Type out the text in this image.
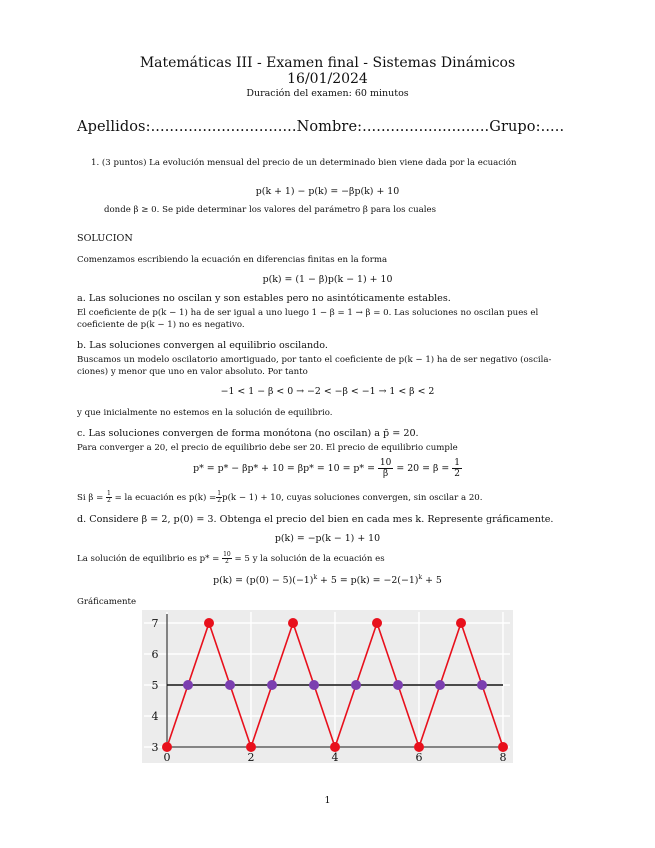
Matemáticas III - Examen final - Sistemas Dinámicos
16/01/2024
Duración del examen: 60 minutos
Apellidos:...............................Nombre:...........................Grupo:.....
1. (3 puntos) La evolución mensual del precio de un determinado bien viene dada por la ecuación
p(k + 1) − p(k) = −βp(k) + 10
donde β ≥ 0. Se pide determinar los valores del parámetro β para los cuales
SOLUCION
Comenzamos escribiendo la ecuación en diferencias finitas en la forma
p(k) = (1 − β)p(k − 1) + 10
a. Las soluciones no oscilan y son estables pero no asintóticamente estables.
El coeficiente de p(k − 1) ha de ser igual a uno luego 1 − β = 1 → β = 0. Las soluciones no oscilan pues el
coeficiente de p(k − 1) no es negativo.
b. Las soluciones convergen al equilibrio oscilando.
Buscamos un modelo oscilatorio amortiguado, por tanto el coeficiente de p(k − 1) ha de ser negativo (oscila-
ciones) y menor que uno en valor absoluto. Por tanto
−1 < 1 − β < 0 → −2 < −β < −1 → 1 < β < 2
y que inicialmente no estemos en la solución de equilibrio.
c. Las soluciones convergen de forma monótona (no oscilan) a p̄ = 20.
Para converger a 20, el precio de equilibrio debe ser 20. El precio de equilibrio cumple
$p* = p* - \beta p* + 10 = \beta p* = 10 = p* = \frac{10}{\beta} = 20 = \beta = \frac{1}{2}$
Si $\beta = \frac{1}{2}$ = la ecuación es $p(k) = \frac{1}{2} p(k - 1) + 10$, cuyas soluciones convergen, sin oscilar a 20.
d. Considere β = 2, p(0) = 3. Obtenga el precio del bien en cada mes k. Represente gráficamente.
p(k) = −p(k − 1) + 10
La solución de equilibrio es $p* = \frac{10}{2} = 5$ y la solución de la ecuación es
$p(k) = (p(0) - 5)(-1)^k + 5 = p(k) = -2(-1)^k + 5$
Gráficamente
0	2	4	6	8
3
4
5
6
7
1
